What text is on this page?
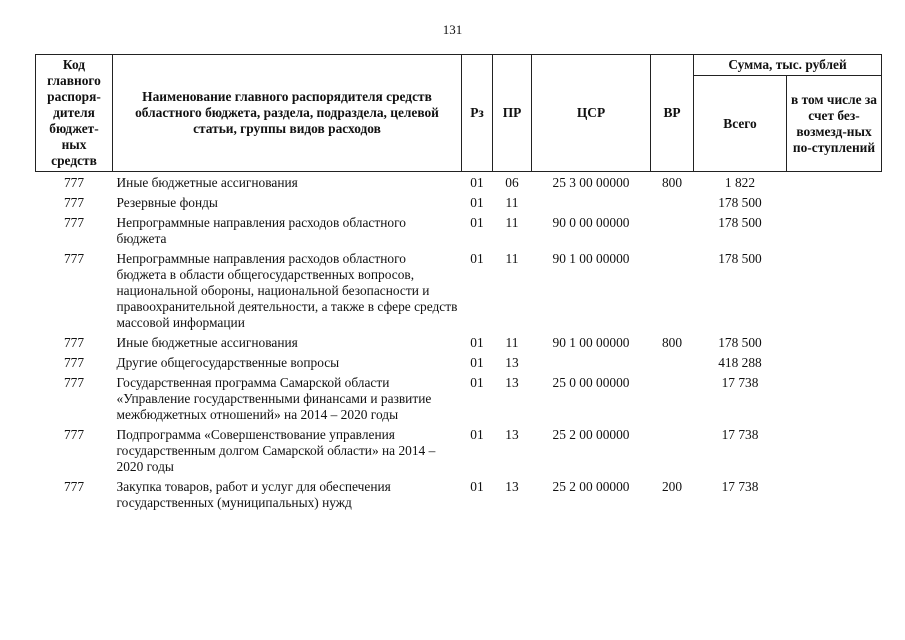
131
Код главного распоря-дителя бюджет-ных средств	Наименование главного распорядителя средств областного бюджета, раздела, подраздела, целевой статьи, группы видов расходов	Рз	ПР	ЦСР	ВР	Сумма, тыс. рублей	
						Всего	в том числе за счет без-возмезд-ных по-ступлений
777	Иные бюджетные ассигнования	01	06	25 3 00 00000	800	1 822	
777	Резервные фонды	01	11			178 500	
777	Непрограммные направления расходов областного бюджета	01	11	90 0 00 00000		178 500	
777	Непрограммные направления расходов областного бюджета в области общегосударственных вопросов, национальной обороны, национальной безопасности и правоохранительной деятельности, а также в сфере средств массовой информации	01	11	90 1 00 00000		178 500	
777	Иные бюджетные ассигнования	01	11	90 1 00 00000	800	178 500	
777	Другие общегосударственные вопросы	01	13			418 288	
777	Государственная программа Самарской области «Управление государственными финансами и развитие межбюджетных отношений» на 2014 – 2020 годы	01	13	25 0 00 00000		17 738	
777	Подпрограмма «Совершенствование управления государственным долгом Самарской области» на 2014 – 2020 годы	01	13	25 2 00 00000		17 738	
777	Закупка товаров, работ и услуг для обеспечения государственных (муниципальных) нужд	01	13	25 2 00 00000	200	17 738	
